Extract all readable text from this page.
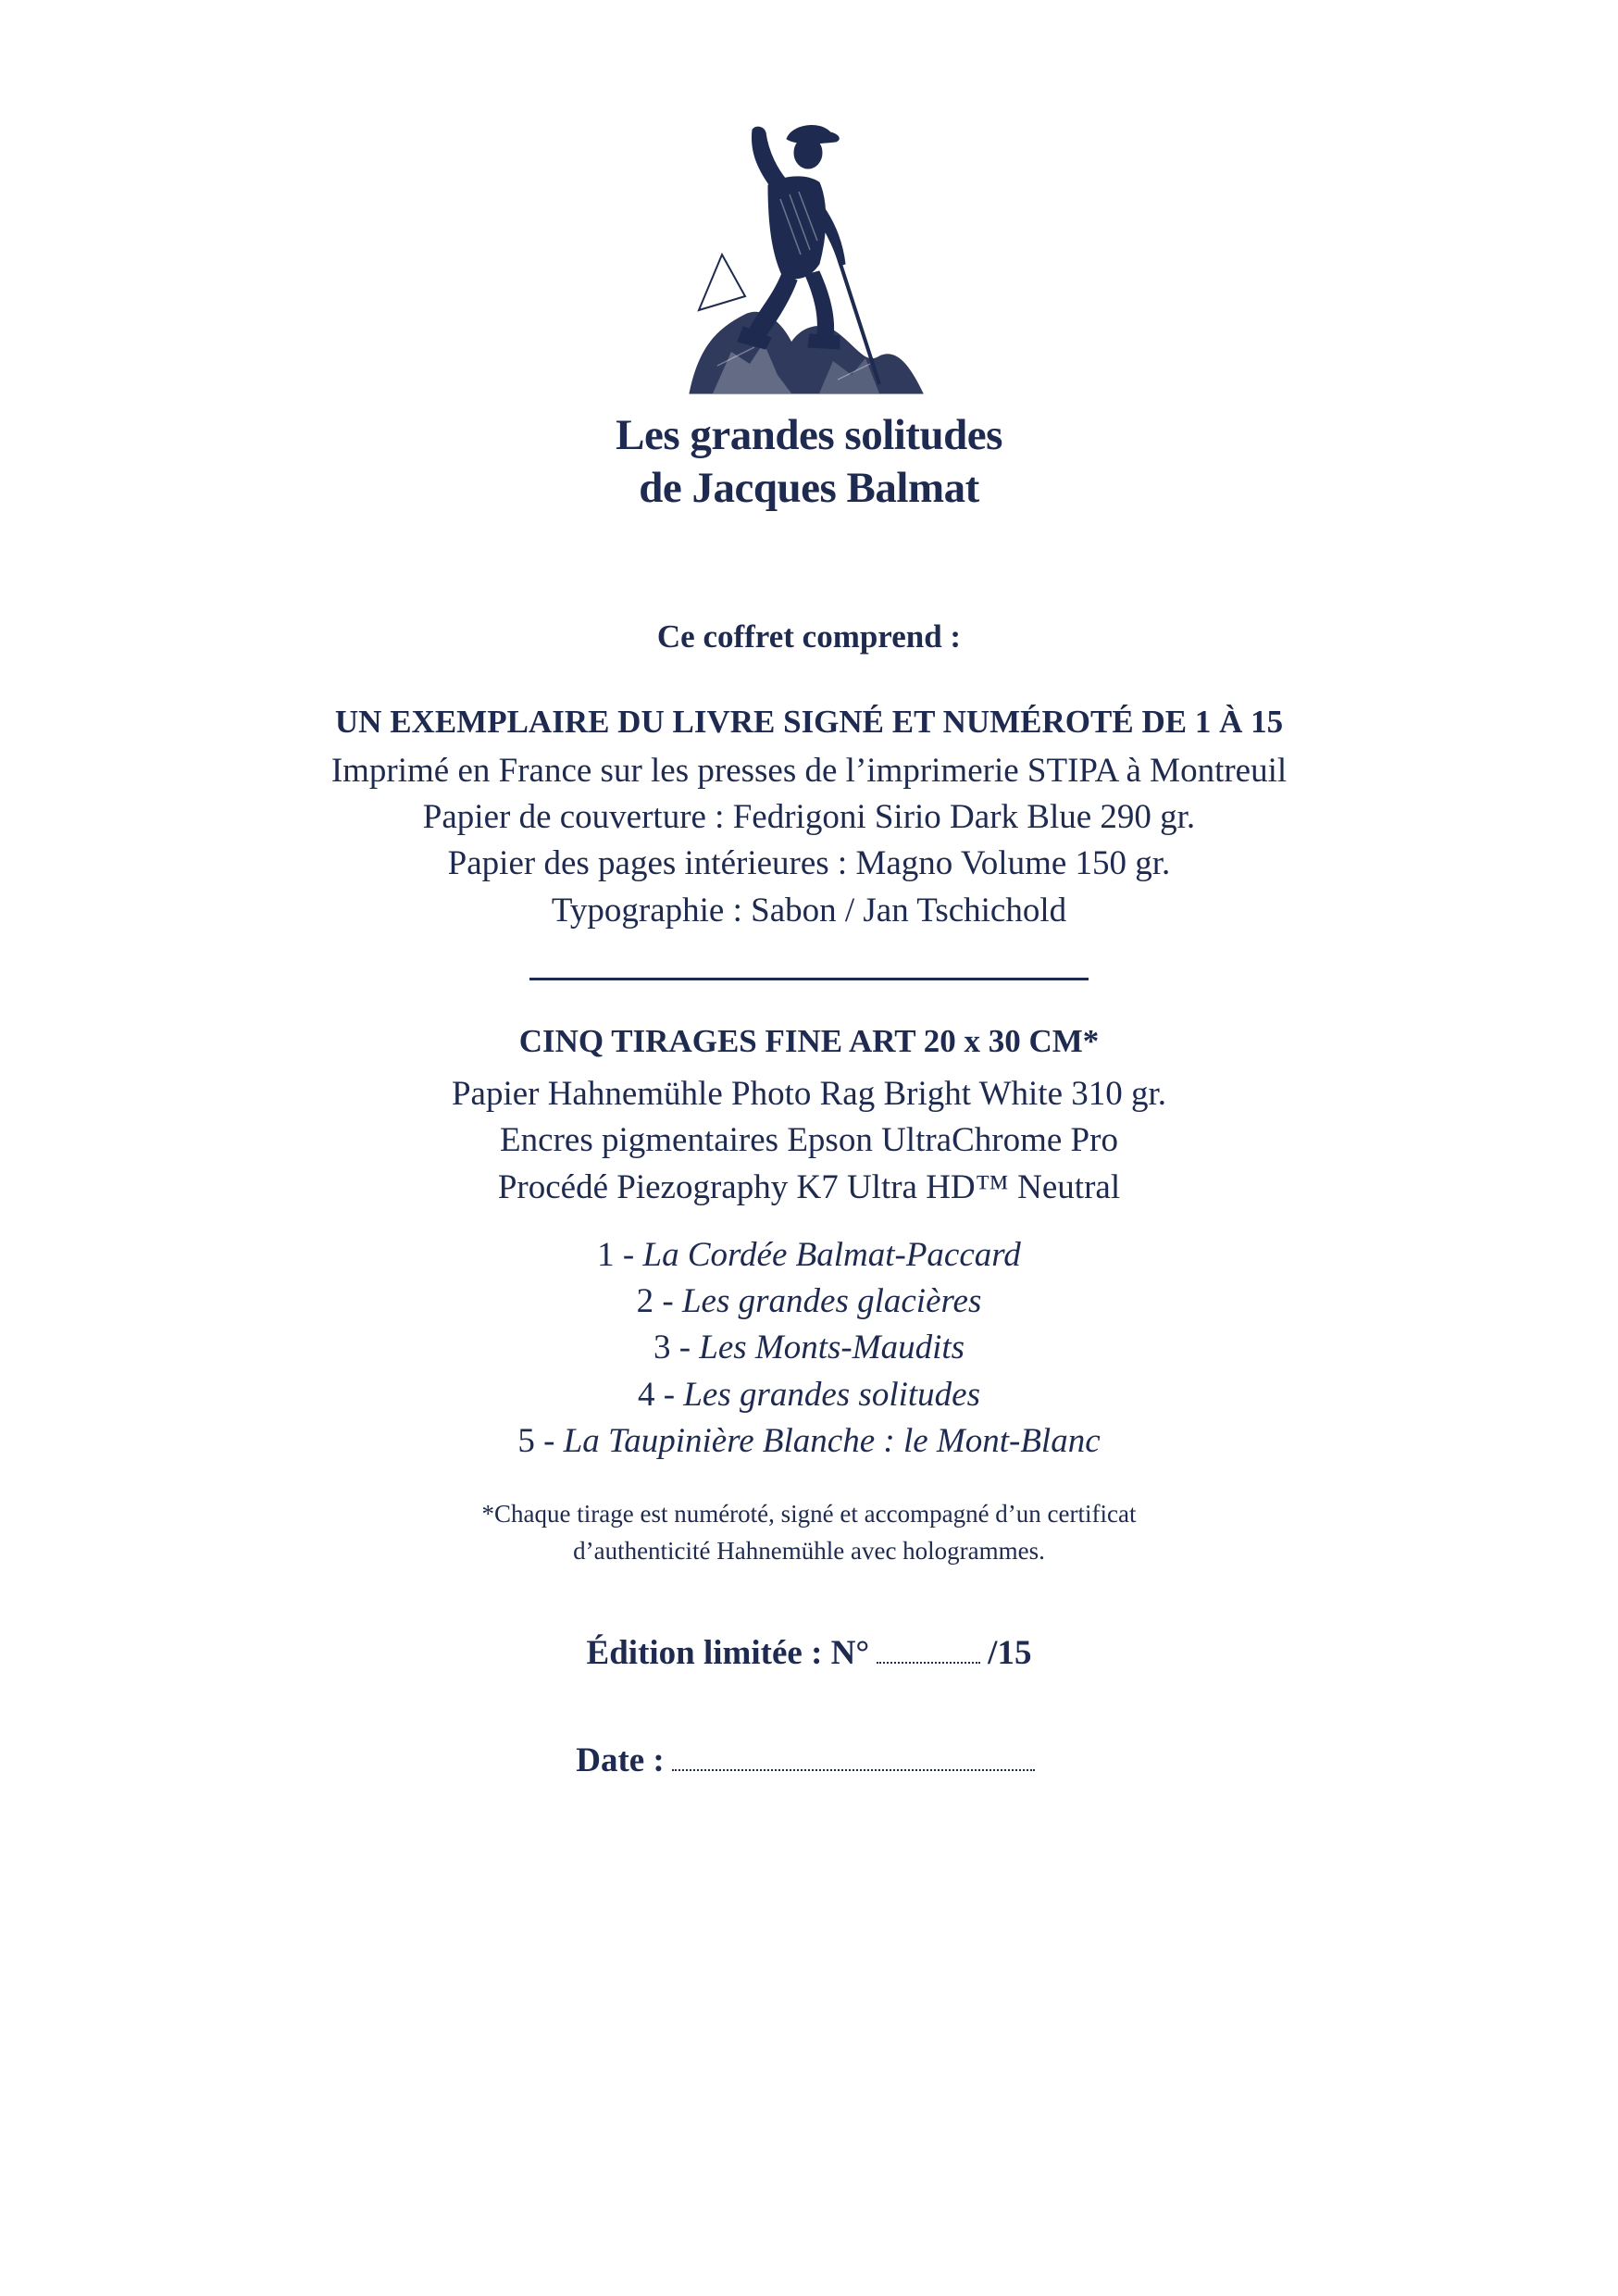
Les grandes solitudes
de Jacques Balmat
Ce coffret comprend :
UN EXEMPLAIRE DU LIVRE SIGNÉ ET NUMÉROTÉ DE 1 À 15
Imprimé en France sur les presses de l’imprimerie STIPA à Montreuil
Papier de couverture : Fedrigoni Sirio Dark Blue 290 gr.
Papier des pages intérieures : Magno Volume 150 gr.
Typographie : Sabon / Jan Tschichold
CINQ TIRAGES FINE ART 20 x 30 CM*
Papier Hahnemühle Photo Rag Bright White 310 gr.
Encres pigmentaires Epson UltraChrome Pro
Procédé Piezography K7 Ultra HD™ Neutral
1 - La Cordée Balmat-Paccard
2 - Les grandes glacières
3 - Les Monts-Maudits
4 - Les grandes solitudes
5 - La Taupinière Blanche : le Mont-Blanc
*Chaque tirage est numéroté, signé et accompagné d’un certificat
d’authenticité Hahnemühle avec hologrammes.
Édition limitée : N°	/15
Date :
